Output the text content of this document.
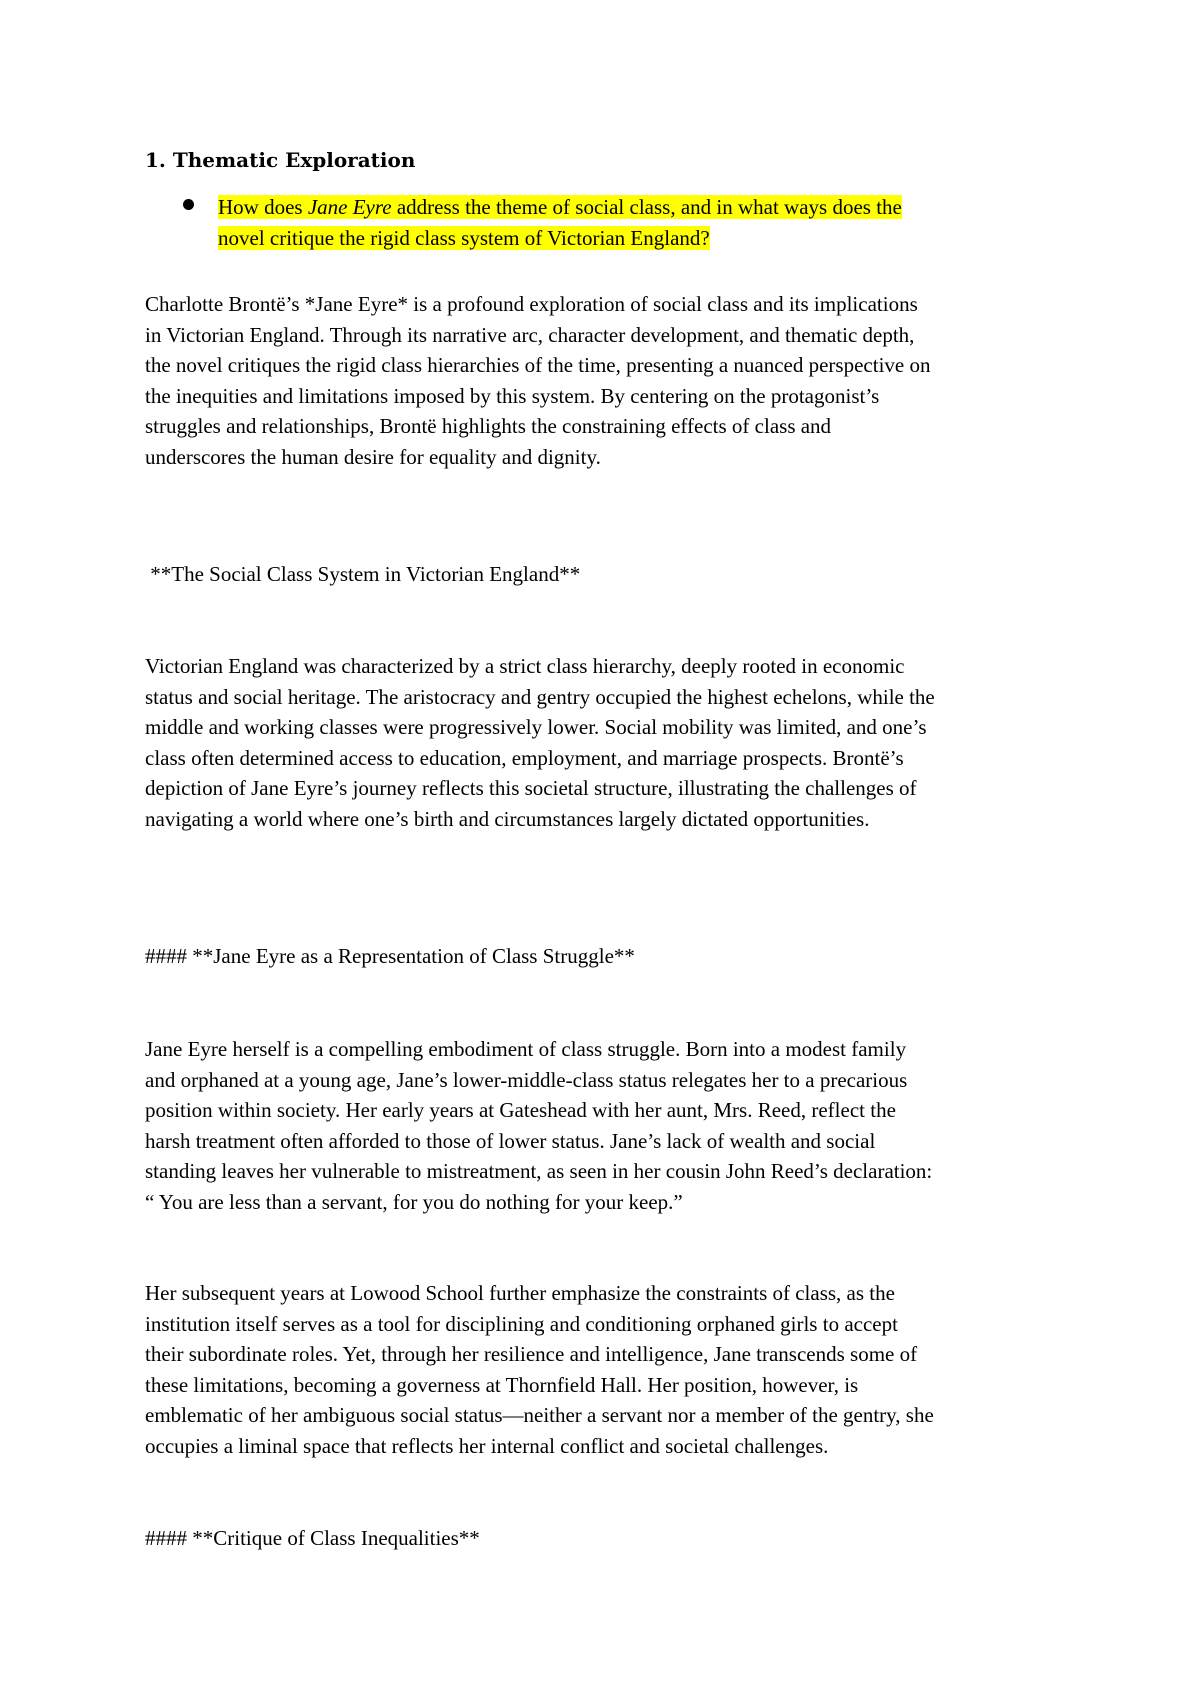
1. Thematic Exploration
How does Jane Eyre address the theme of social class, and in what ways does the
novel critique the rigid class system of Victorian England?
Charlotte Brontë’s *Jane Eyre* is a profound exploration of social class and its implications
in Victorian England. Through its narrative arc, character development, and thematic depth,
the novel critiques the rigid class hierarchies of the time, presenting a nuanced perspective on
the inequities and limitations imposed by this system. By centering on the protagonist’s
struggles and relationships, Brontë highlights the constraining effects of class and
underscores the human desire for equality and dignity.
**The Social Class System in Victorian England**
Victorian England was characterized by a strict class hierarchy, deeply rooted in economic
status and social heritage. The aristocracy and gentry occupied the highest echelons, while the
middle and working classes were progressively lower. Social mobility was limited, and one’s
class often determined access to education, employment, and marriage prospects. Brontë’s
depiction of Jane Eyre’s journey reflects this societal structure, illustrating the challenges of
navigating a world where one’s birth and circumstances largely dictated opportunities.
#### **Jane Eyre as a Representation of Class Struggle**
Jane Eyre herself is a compelling embodiment of class struggle. Born into a modest family
and orphaned at a young age, Jane’s lower-middle-class status relegates her to a precarious
position within society. Her early years at Gateshead with her aunt, Mrs. Reed, reflect the
harsh treatment often afforded to those of lower status. Jane’s lack of wealth and social
standing leaves her vulnerable to mistreatment, as seen in her cousin John Reed’s declaration:
“ You are less than a servant, for you do nothing for your keep.”
Her subsequent years at Lowood School further emphasize the constraints of class, as the
institution itself serves as a tool for disciplining and conditioning orphaned girls to accept
their subordinate roles. Yet, through her resilience and intelligence, Jane transcends some of
these limitations, becoming a governess at Thornfield Hall. Her position, however, is
emblematic of her ambiguous social status—neither a servant nor a member of the gentry, she
occupies a liminal space that reflects her internal conflict and societal challenges.
#### **Critique of Class Inequalities**
